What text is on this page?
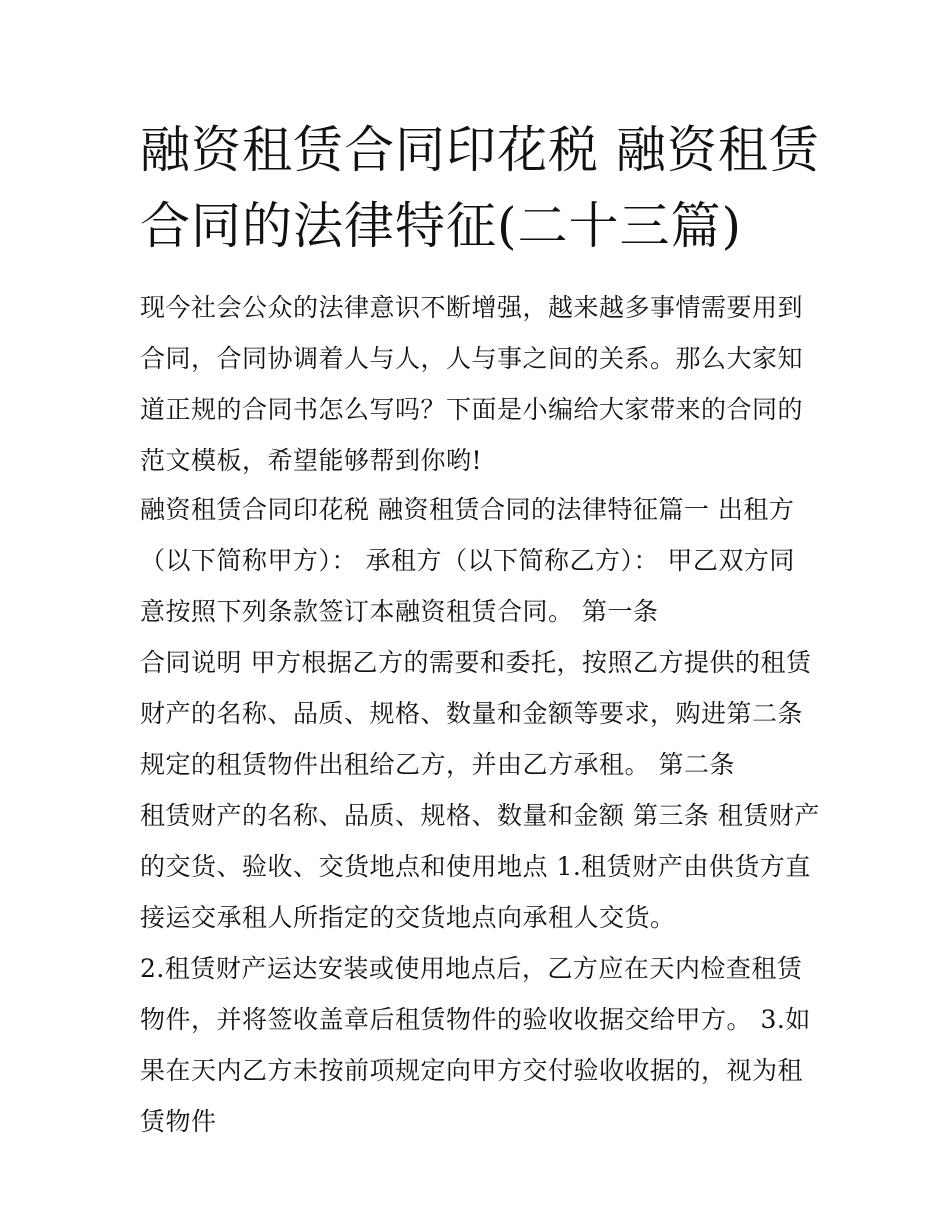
融资租赁合同印花税 融资租赁合同的法律特征(二十三篇)

现今社会公众的法律意识不断增强，越来越多事情需要用到合同，合同协调着人与人，人与事之间的关系。那么大家知道正规的合同书怎么写吗？下面是小编给大家带来的合同的范文模板，希望能够帮到你哟!

融资租赁合同印花税 融资租赁合同的法律特征篇一 出租方（以下简称甲方）： 承租方（以下简称乙方）： 甲乙双方同意按照下列条款签订本融资租赁合同。 第一条

合同说明 甲方根据乙方的需要和委托，按照乙方提供的租赁财产的名称、品质、规格、数量和金额等要求，购进第二条规定的租赁物件出租给乙方，并由乙方承租。 第二条

租赁财产的名称、品质、规格、数量和金额 第三条 租赁财产的交货、验收、交货地点和使用地点 1.租赁财产由供货方直接运交承租人所指定的交货地点向承租人交货。

2.租赁财产运达安装或使用地点后，乙方应在天内检查租赁物件，并将签收盖章后租赁物件的验收收据交给甲方。 3.如果在天内乙方未按前项规定向甲方交付验收收据的，视为租赁物件
